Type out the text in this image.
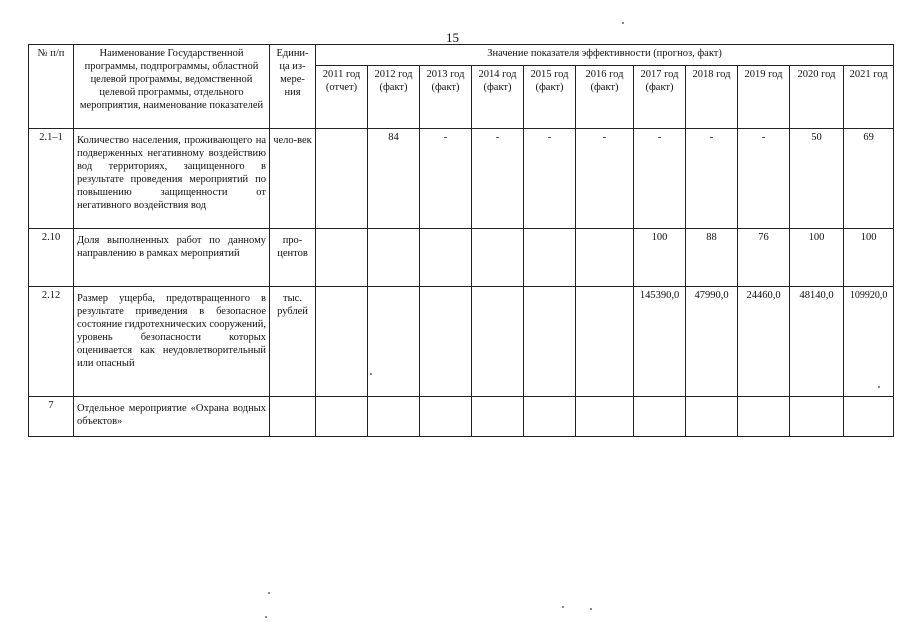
15
№ п/п	Наименование Государственной программы, подпрограммы, областной целевой программы, ведомственной целевой программы, отдельного мероприятия, наименование показателей	Едини-ца из-мере-ния	Значение показателя эффективности (прогноз, факт)										
			2011 год (отчет)	2012 год (факт)	2013 год (факт)	2014 год (факт)	2015 год (факт)	2016 год (факт)	2017 год (факт)	2018 год	2019 год	2020 год	2021 год
2.1–1	Количество населения, проживающего на подверженных негативному воздействию вод территориях, защищенного в результате проведения мероприятий по повышению защищенности от негативного воздействия вод	чело-век		84	-	-	-	-	-	-	-	50	69
2.10	Доля выполненных работ по данному направлению в рамках мероприятий	про-центов							100	88	76	100	100
2.12	Размер ущерба, предотвращенного в результате приведения в безопасное состояние гидротехнических сооружений, уровень безопасности которых оценивается как неудовлетворительный или опасный	тыс. рублей							145390,0	47990,0	24460,0	48140,0	109920,0
7	Отдельное мероприятие «Охрана водных объектов»												
